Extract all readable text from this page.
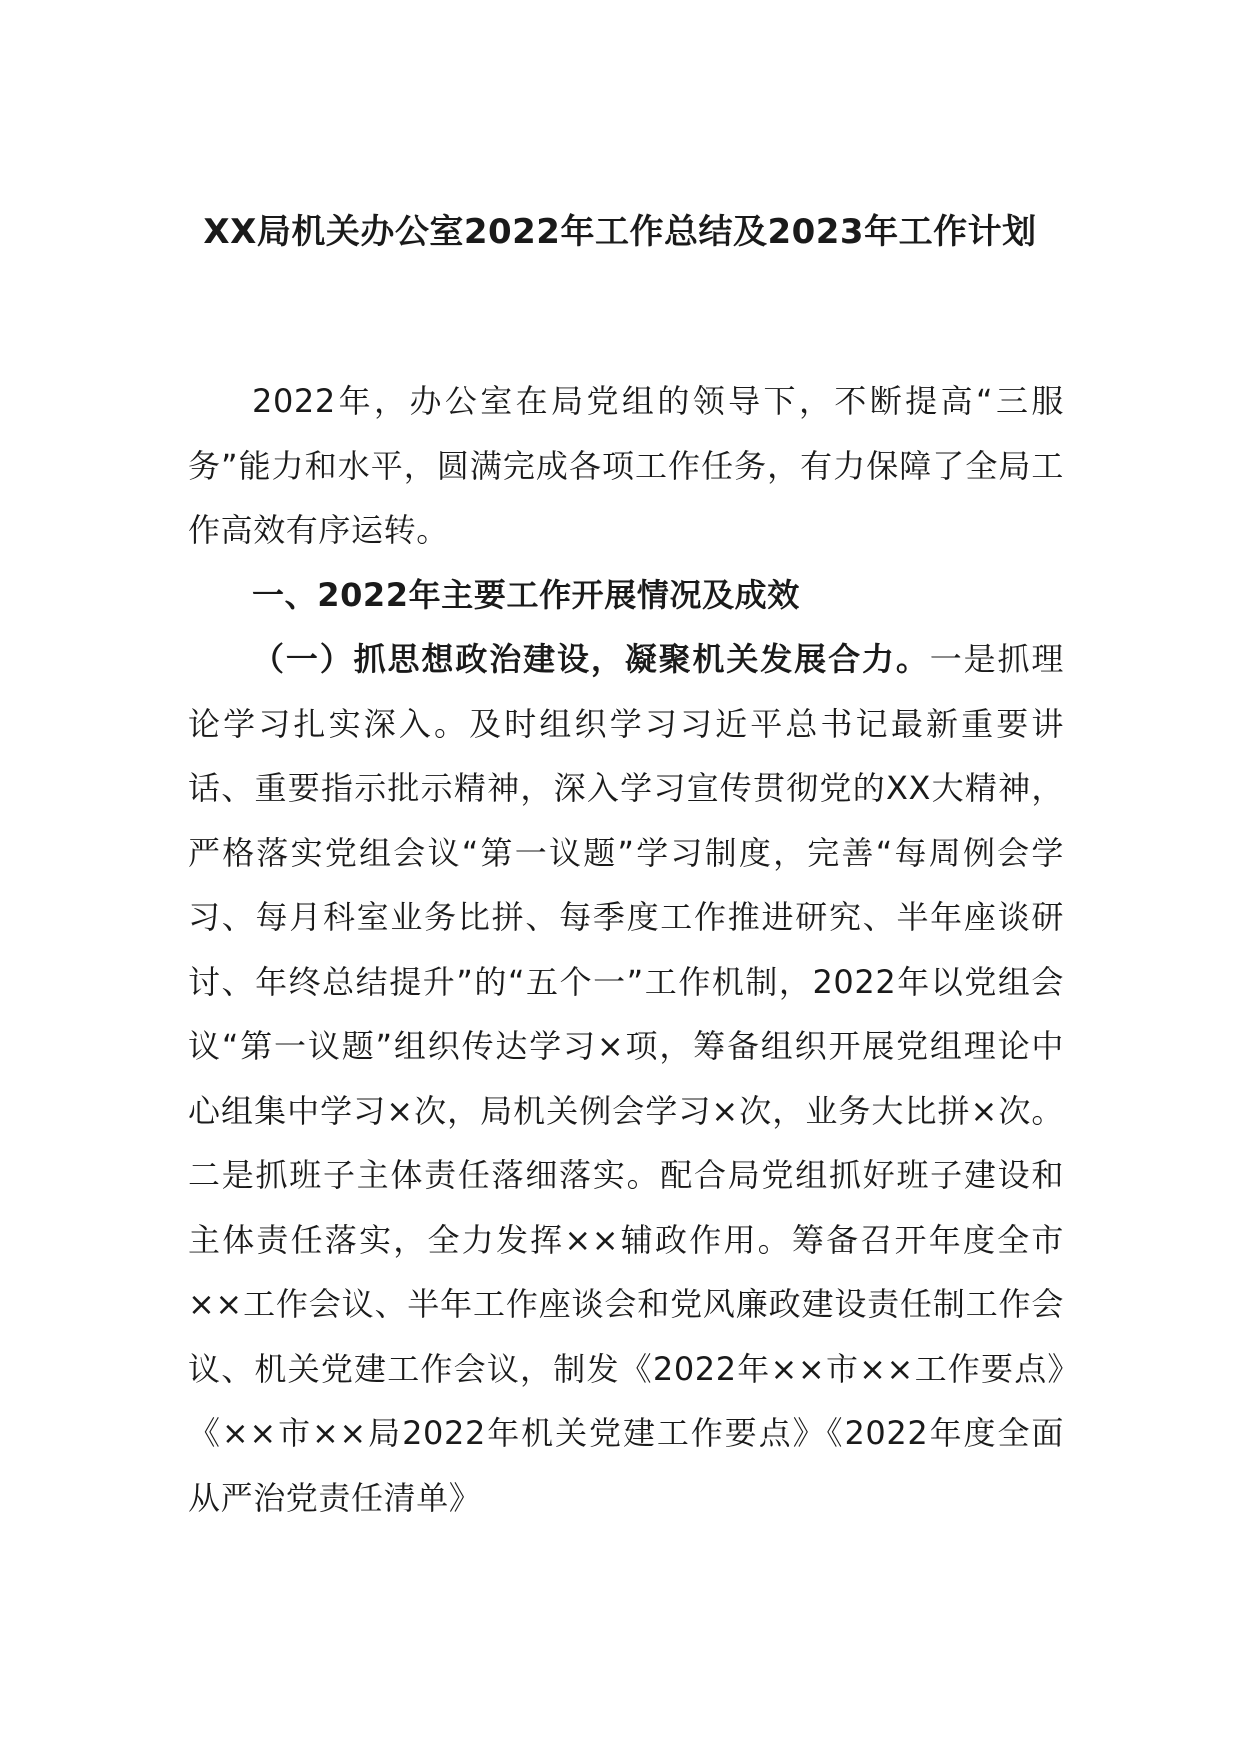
XX局机关办公室2022年工作总结及2023年工作计划

2022年，办公室在局党组的领导下，不断提高“三服务”能力和水平，圆满完成各项工作任务，有力保障了全局工作高效有序运转。

一、2022年主要工作开展情况及成效

（一）抓思想政治建设，凝聚机关发展合力。一是抓理论学习扎实深入。及时组织学习习近平总书记最新重要讲话、重要指示批示精神，深入学习宣传贯彻党的XX大精神，严格落实党组会议“第一议题”学习制度，完善“每周例会学习、每月科室业务比拼、每季度工作推进研究、半年座谈研讨、年终总结提升”的“五个一”工作机制，2022年以党组会议“第一议题”组织传达学习×项，筹备组织开展党组理论中心组集中学习×次，局机关例会学习×次，业务大比拼×次。二是抓班子主体责任落细落实。配合局党组抓好班子建设和主体责任落实，全力发挥××辅政作用。筹备召开年度全市××工作会议、半年工作座谈会和党风廉政建设责任制工作会议、机关党建工作会议，制发《2022年××市××工作要点》《××市××局2022年机关党建工作要点》《2022年度全面从严治党责任清单》
